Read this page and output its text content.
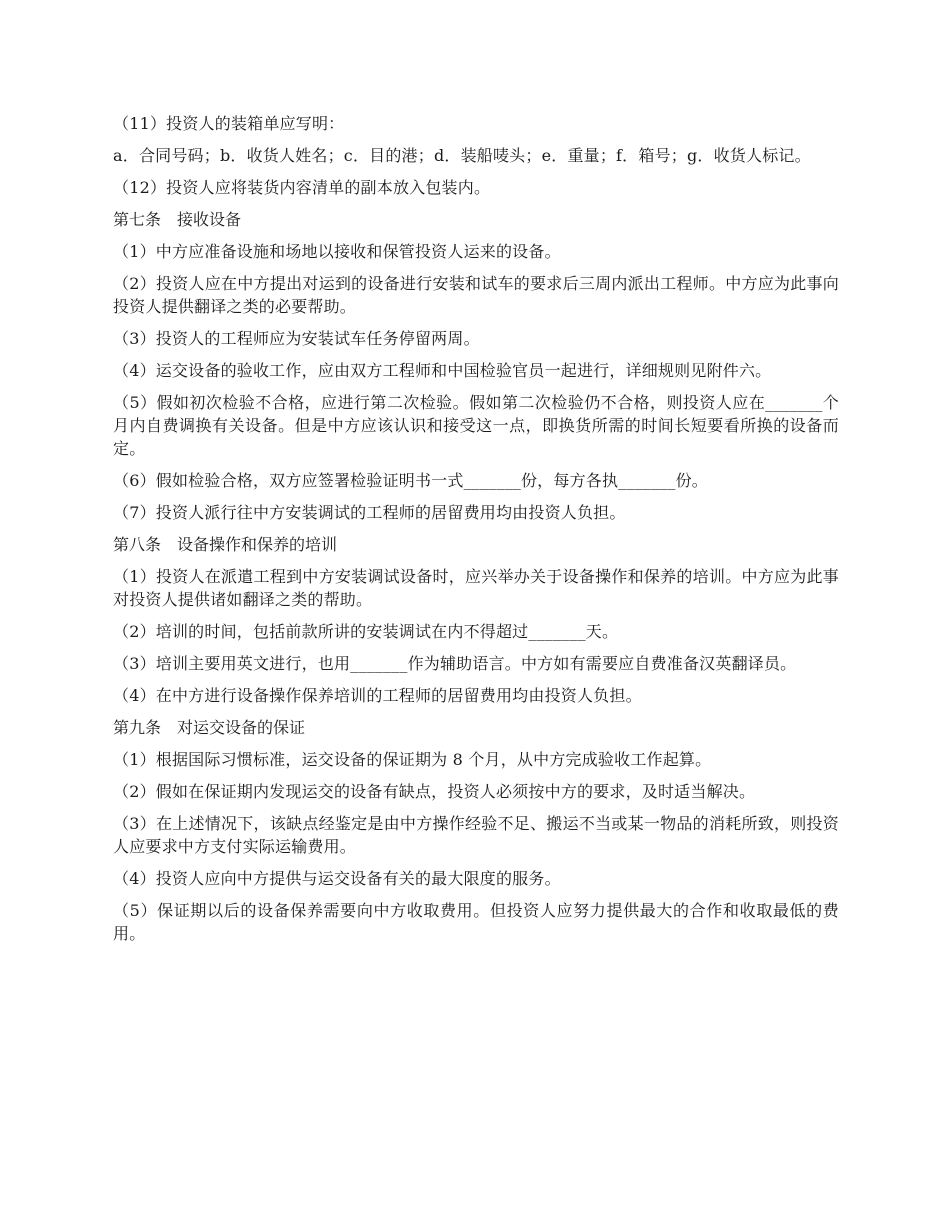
（11）投资人的装箱单应写明：

a．合同号码；b．收货人姓名；c．目的港；d．装船唛头；e．重量；f．箱号；g．收货人标记。

（12）投资人应将装货内容清单的副本放入包装内。

第七条　接收设备

（1）中方应准备设施和场地以接收和保管投资人运来的设备。

（2）投资人应在中方提出对运到的设备进行安装和试车的要求后三周内派出工程师。中方应为此事向投资人提供翻译之类的必要帮助。

（3）投资人的工程师应为安装试车任务停留两周。

（4）运交设备的验收工作，应由双方工程师和中国检验官员一起进行，详细规则见附件六。

（5）假如初次检验不合格，应进行第二次检验。假如第二次检验仍不合格，则投资人应在_______个月内自费调换有关设备。但是中方应该认识和接受这一点，即换货所需的时间长短要看所换的设备而定。

（6）假如检验合格，双方应签署检验证明书一式_______份，每方各执_______份。

（7）投资人派行往中方安装调试的工程师的居留费用均由投资人负担。

第八条　设备操作和保养的培训

（1）投资人在派遣工程到中方安装调试设备时，应兴举办关于设备操作和保养的培训。中方应为此事对投资人提供诸如翻译之类的帮助。

（2）培训的时间，包括前款所讲的安装调试在内不得超过_______天。

（3）培训主要用英文进行，也用_______作为辅助语言。中方如有需要应自费准备汉英翻译员。

（4）在中方进行设备操作保养培训的工程师的居留费用均由投资人负担。

第九条　对运交设备的保证

（1）根据国际习惯标准，运交设备的保证期为 8 个月，从中方完成验收工作起算。

（2）假如在保证期内发现运交的设备有缺点，投资人必须按中方的要求，及时适当解决。

（3）在上述情况下，该缺点经鉴定是由中方操作经验不足、搬运不当或某一物品的消耗所致，则投资人应要求中方支付实际运输费用。

（4）投资人应向中方提供与运交设备有关的最大限度的服务。

（5）保证期以后的设备保养需要向中方收取费用。但投资人应努力提供最大的合作和收取最低的费用。
